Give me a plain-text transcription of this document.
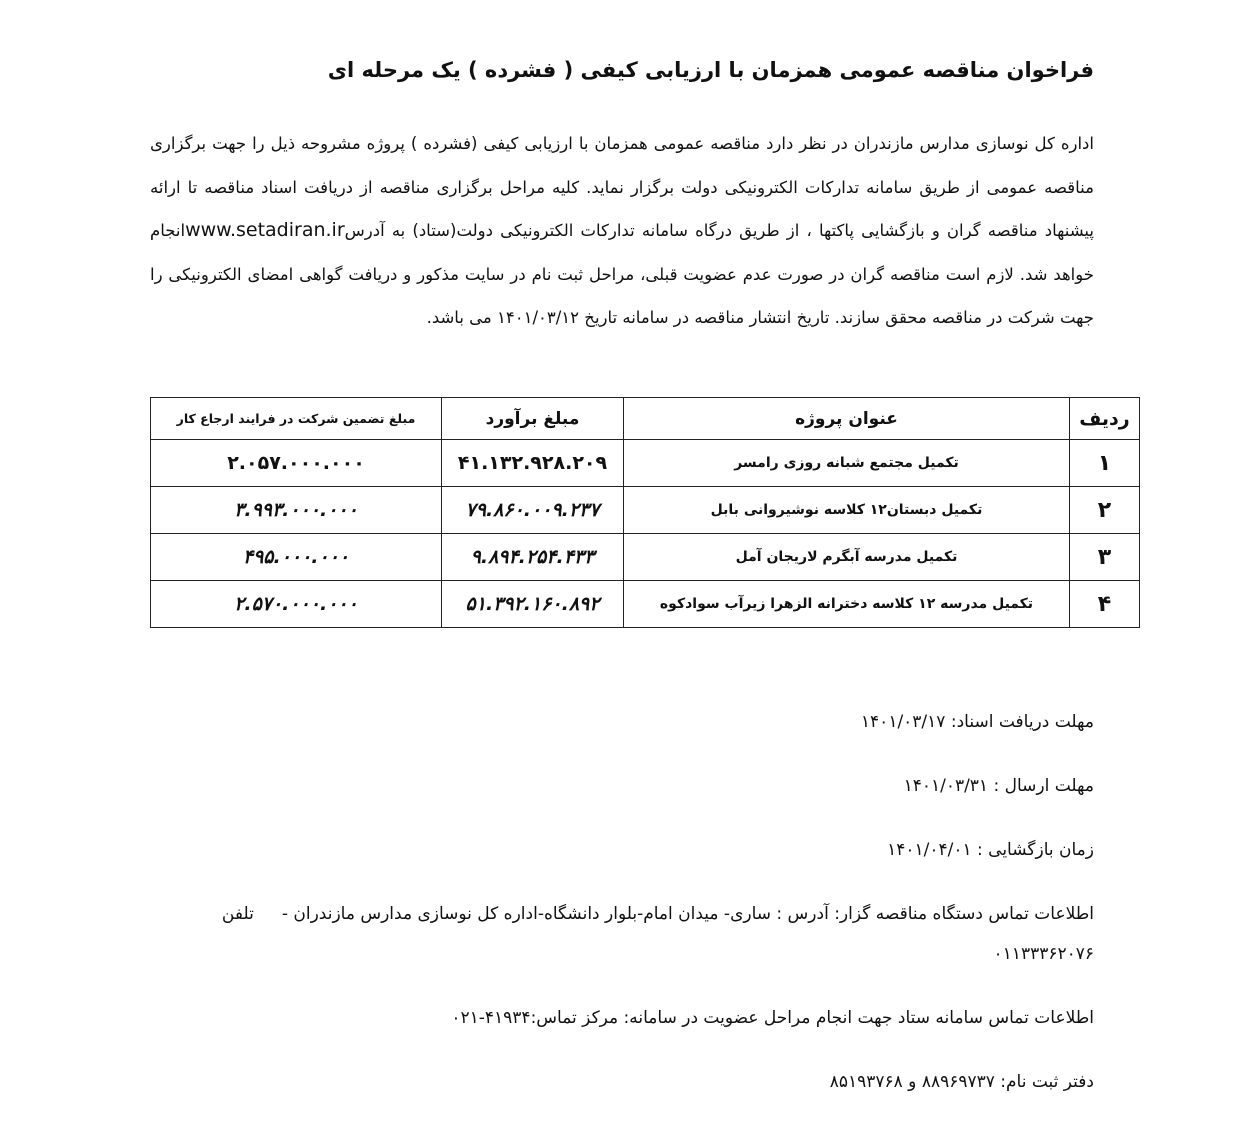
فراخوان مناقصه عمومی همزمان با ارزیابی کیفی ( فشرده ) یک مرحله ای
اداره کل نوسازی مدارس مازندران در نظر دارد مناقصه عمومی همزمان با ارزیابی کیفی (فشرده ) پروژه مشروحه ذیل را جهت برگزاری مناقصه عمومی از طریق سامانه تدارکات الکترونیکی دولت برگزار نماید. کلیه مراحل برگزاری مناقصه از دریافت اسناد مناقصه تا ارائه پیشنهاد مناقصه گران و بازگشایی پاکتها ، از طریق درگاه سامانه تدارکات الکترونیکی دولت(ستاد) به آدرسwww.setadiran.irانجام خواهد شد. لازم است مناقصه گران در صورت عدم عضویت قبلی، مراحل ثبت نام در سایت مذکور و دریافت گواهی امضای الکترونیکی را جهت شرکت در مناقصه محقق سازند. تاریخ انتشار مناقصه در سامانه تاریخ ۱۴۰۱/۰۳/۱۲ می باشد.
ردیف	عنوان پروژه	مبلغ برآورد	مبلغ تضمین شرکت در فرایند ارجاع کار
۱	تکمیل مجتمع شبانه روزی رامسر	۴۱.۱۳۲.۹۲۸.۲۰۹	۲.۰۵۷.۰۰۰.۰۰۰
۲	تکمیل دبستان۱۲ کلاسه نوشیروانی بابل	۷۹.۸۶۰.۰۰۹.۲۳۷	۳.۹۹۳.۰۰۰.۰۰۰
۳	تکمیل مدرسه آبگرم لاریجان آمل	۹.۸۹۴.۲۵۴.۴۳۳	۴۹۵.۰۰۰.۰۰۰
۴	تکمیل مدرسه ۱۲ کلاسه دخترانه الزهرا زیرآب سوادکوه	۵۱.۳۹۲.۱۶۰.۸۹۲	۲.۵۷۰.۰۰۰.۰۰۰
مهلت دریافت اسناد: ۱۴۰۱/۰۳/۱۷
مهلت ارسال : ۱۴۰۱/۰۳/۳۱
زمان بازگشایی : ۱۴۰۱/۰۴/۰۱
اطلاعات تماس دستگاه مناقصه گزار: آدرس : ساری- میدان امام-بلوار دانشگاه-اداره کل نوسازی مدارس مازندران -تلفن
۰۱۱۳۳۳۶۲۰۷۶
اطلاعات تماس سامانه ستاد جهت انجام مراحل عضویت در سامانه: مرکز تماس:۴۱۹۳۴-۰۲۱
دفتر ثبت نام: ۸۸۹۶۹۷۳۷ و ۸۵۱۹۳۷۶۸
